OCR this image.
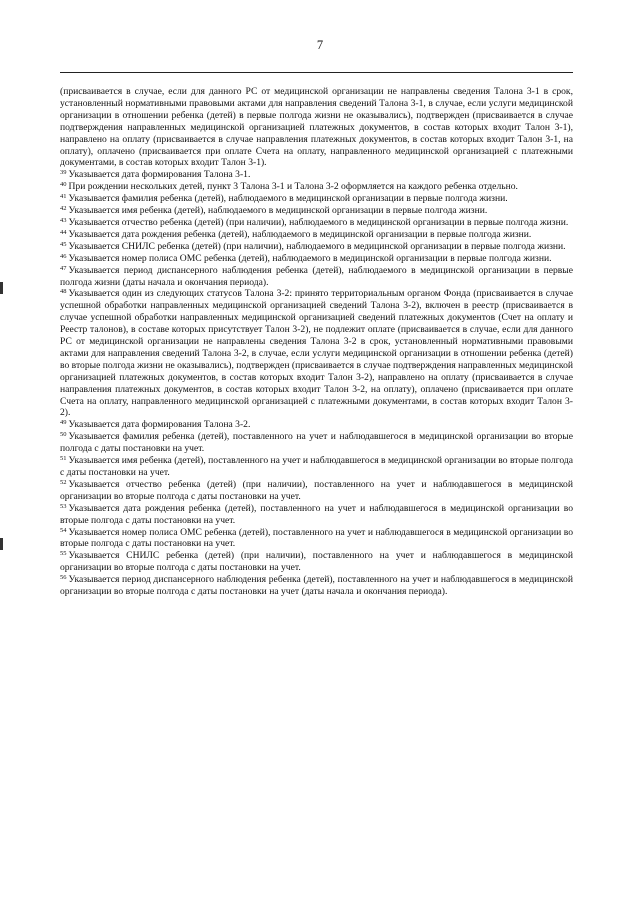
7

(присваивается в случае, если для данного РС от медицинской организации не направлены сведения Талона 3-1 в срок, установленный нормативными правовыми актами для направления сведений Талона 3-1, в случае, если услуги медицинской организации в отношении ребенка (детей) в первые полгода жизни не оказывались), подтвержден (присваивается в случае подтверждения направленных медицинской организацией платежных документов, в состав которых входит Талон 3-1), направлено на оплату (присваивается в случае направления платежных документов, в состав которых входит Талон 3-1, на оплату), оплачено (присваивается при оплате Счета на оплату, направленного медицинской организацией с платежными документами, в состав которых входит Талон 3-1).

$^{39}$ Указывается дата формирования Талона 3-1.

$^{40}$ При рождении нескольких детей, пункт 3 Талона 3-1 и Талона 3-2 оформляется на каждого ребенка отдельно.

$^{41}$ Указывается фамилия ребенка (детей), наблюдаемого в медицинской организации в первые полгода жизни.

$^{42}$ Указывается имя ребенка (детей), наблюдаемого в медицинской организации в первые полгода жизни.

$^{43}$ Указывается отчество ребенка (детей) (при наличии), наблюдаемого в медицинской организации в первые полгода жизни.

$^{44}$ Указывается дата рождения ребенка (детей), наблюдаемого в медицинской организации в первые полгода жизни.

$^{45}$ Указывается СНИЛС ребенка (детей) (при наличии), наблюдаемого в медицинской организации в первые полгода жизни.

$^{46}$ Указывается номер полиса ОМС ребенка (детей), наблюдаемого в медицинской организации в первые полгода жизни.

$^{47}$ Указывается период диспансерного наблюдения ребенка (детей), наблюдаемого в медицинской организации в первые полгода жизни (даты начала и окончания периода).

$^{48}$ Указывается один из следующих статусов Талона 3-2: принято территориальным органом Фонда (присваивается в случае успешной обработки направленных медицинской организацией сведений Талона 3-2), включен в реестр (присваивается в случае успешной обработки направленных медицинской организацией сведений платежных документов (Счет на оплату и Реестр талонов), в составе которых присутствует Талон 3-2), не подлежит оплате (присваивается в случае, если для данного РС от медицинской организации не направлены сведения Талона 3-2 в срок, установленный нормативными правовыми актами для направления сведений Талона 3-2, в случае, если услуги медицинской организации в отношении ребенка (детей) во вторые полгода жизни не оказывались), подтвержден (присваивается в случае подтверждения направленных медицинской организацией платежных документов, в состав которых входит Талон 3-2), направлено на оплату (присваивается в случае направления платежных документов, в состав которых входит Талон 3-2, на оплату), оплачено (присваивается при оплате Счета на оплату, направленного медицинской организацией с платежными документами, в состав которых входит Талон 3-2).

$^{49}$ Указывается дата формирования Талона 3-2.

$^{50}$ Указывается фамилия ребенка (детей), поставленного на учет и наблюдавшегося в медицинской организации во вторые полгода с даты постановки на учет.

$^{51}$ Указывается имя ребенка (детей), поставленного на учет и наблюдавшегося в медицинской организации во вторые полгода с даты постановки на учет.

$^{52}$ Указывается отчество ребенка (детей) (при наличии), поставленного на учет и наблюдавшегося в медицинской организации во вторые полгода с даты постановки на учет.

$^{53}$ Указывается дата рождения ребенка (детей), поставленного на учет и наблюдавшегося в медицинской организации во вторые полгода с даты постановки на учет.

$^{54}$ Указывается номер полиса ОМС ребенка (детей), поставленного на учет и наблюдавшегося в медицинской организации во вторые полгода с даты постановки на учет.

$^{55}$ Указывается СНИЛС ребенка (детей) (при наличии), поставленного на учет и наблюдавшегося в медицинской организации во вторые полгода с даты постановки на учет.

$^{56}$ Указывается период диспансерного наблюдения ребенка (детей), поставленного на учет и наблюдавшегося в медицинской организации во вторые полгода с даты постановки на учет (даты начала и окончания периода).
